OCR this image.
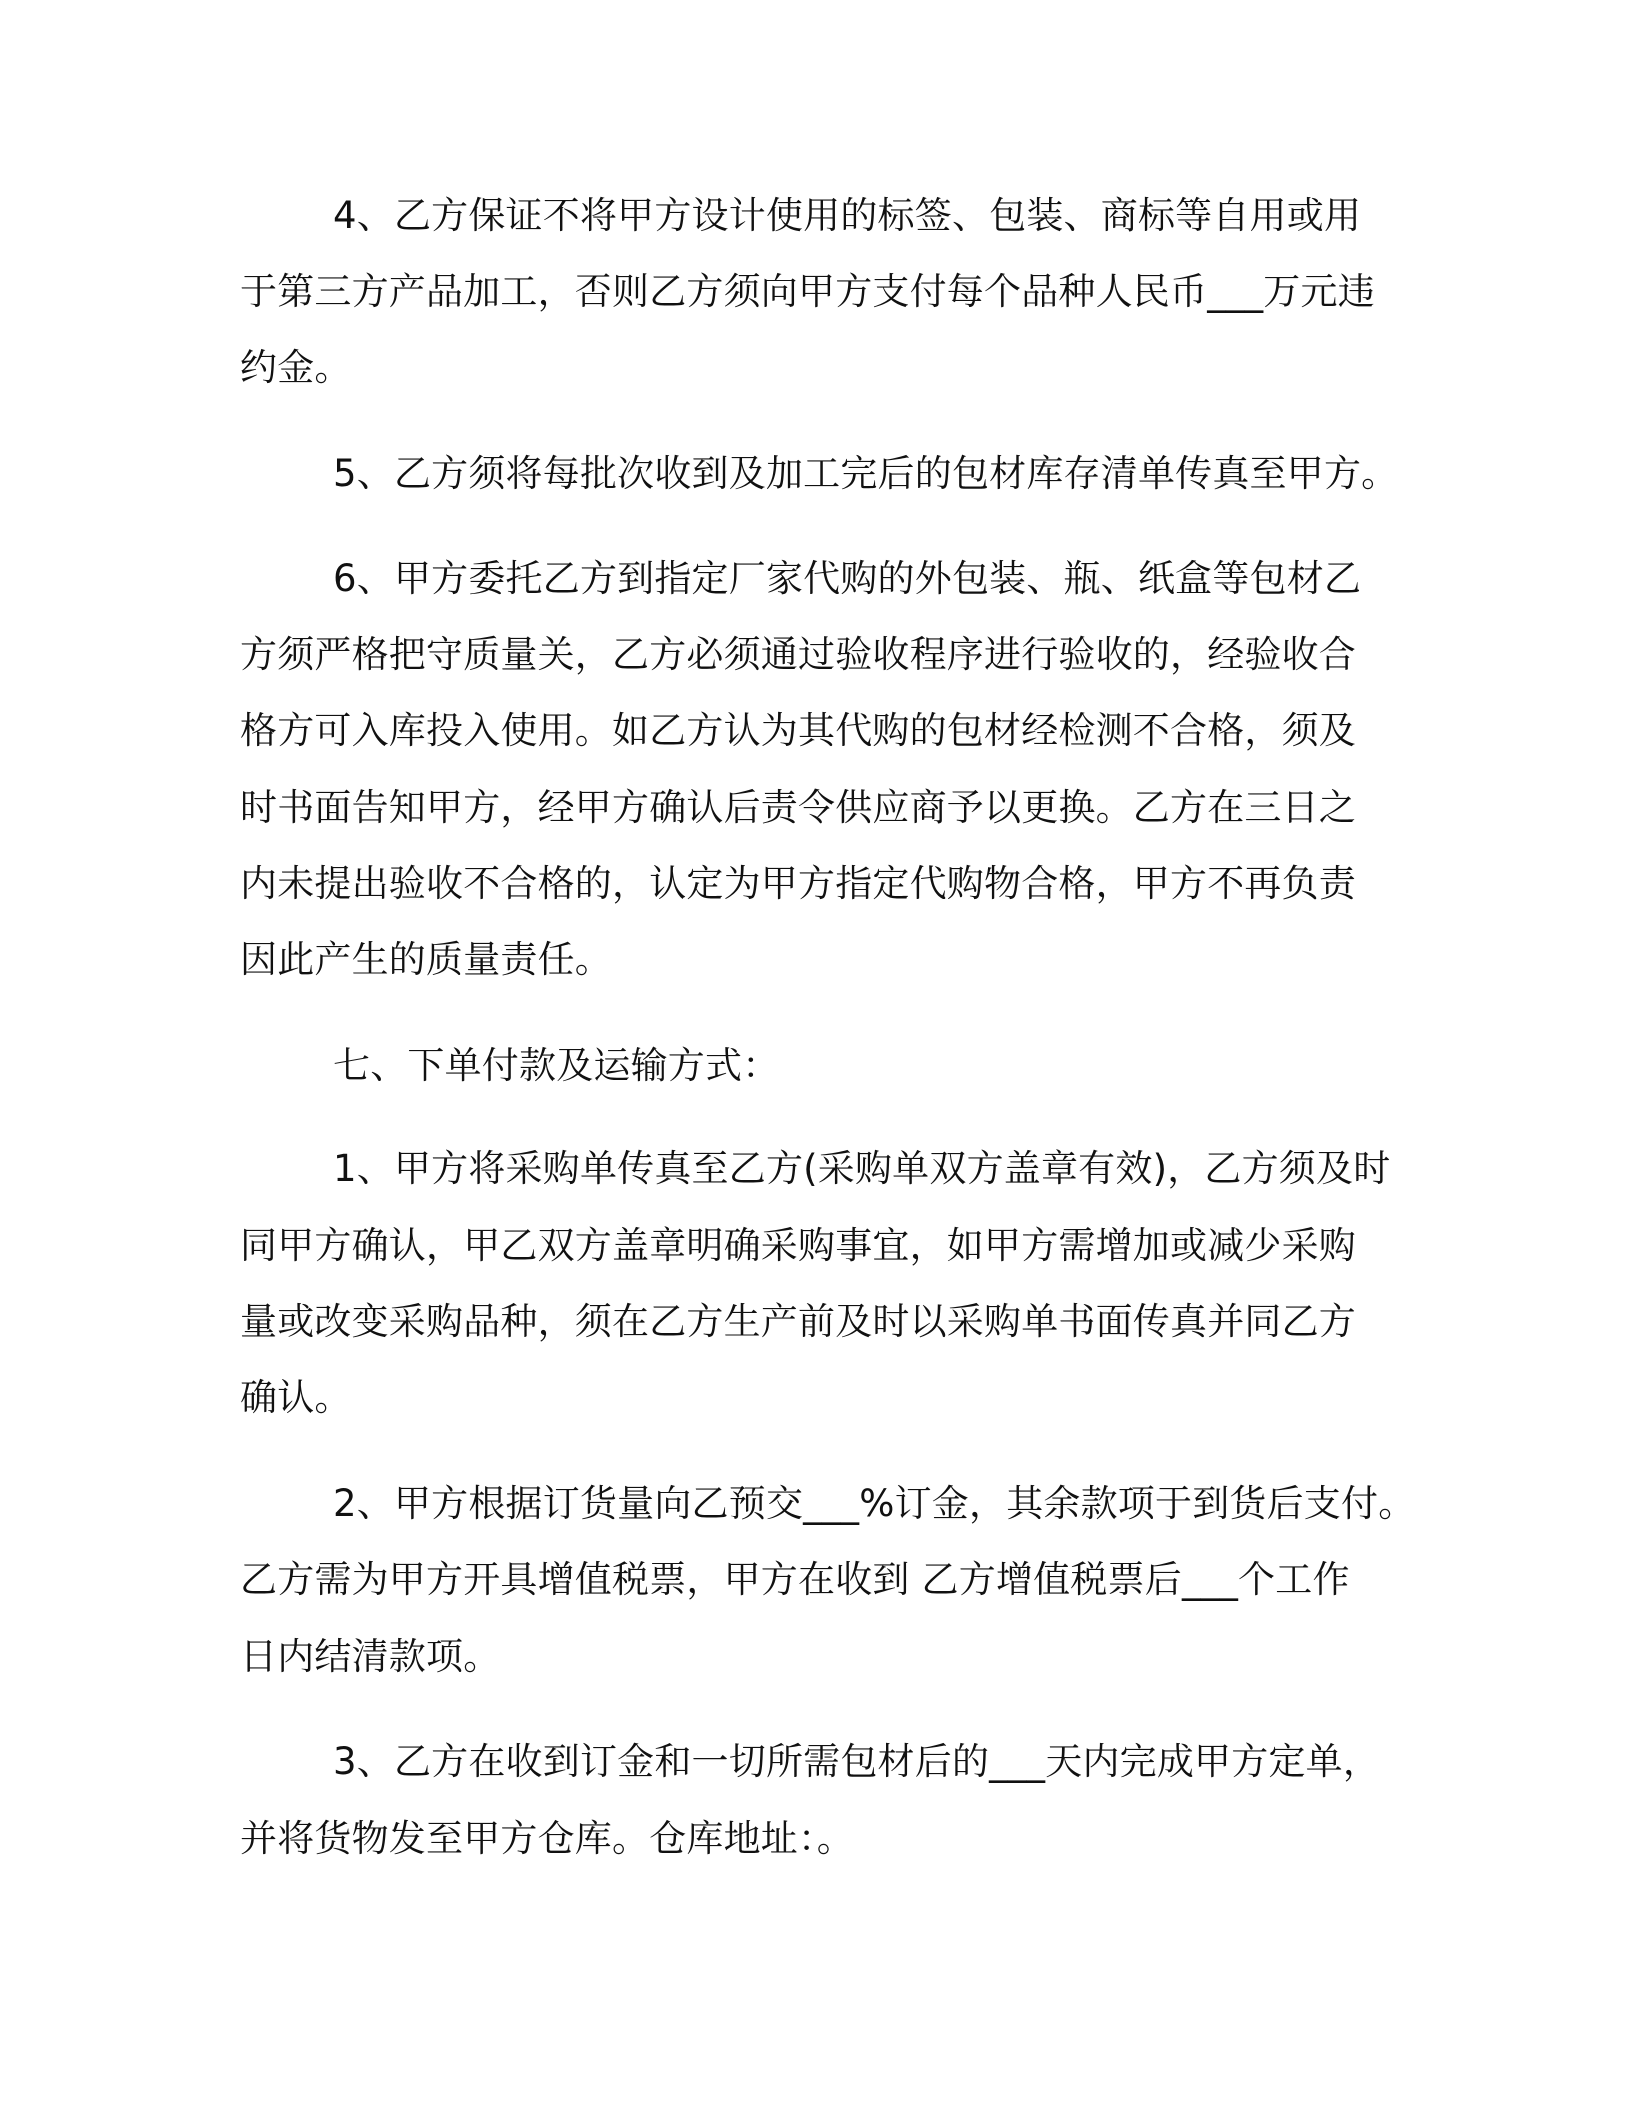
4、乙方保证不将甲方设计使用的标签、包装、商标等自用或用
于第三方产品加工，否则乙方须向甲方支付每个品种人民币___万元违
约金。
5、乙方须将每批次收到及加工完后的包材库存清单传真至甲方。
6、甲方委托乙方到指定厂家代购的外包装、瓶、纸盒等包材乙
方须严格把守质量关，乙方必须通过验收程序进行验收的，经验收合
格方可入库投入使用。如乙方认为其代购的包材经检测不合格，须及
时书面告知甲方，经甲方确认后责令供应商予以更换。乙方在三日之
内未提出验收不合格的，认定为甲方指定代购物合格，甲方不再负责
因此产生的质量责任。
七、下单付款及运输方式：
1、甲方将采购单传真至乙方(采购单双方盖章有效)，乙方须及时
同甲方确认，甲乙双方盖章明确采购事宜，如甲方需增加或减少采购
量或改变采购品种，须在乙方生产前及时以采购单书面传真并同乙方
确认。
2、甲方根据订货量向乙预交___%订金，其余款项于到货后支付。
乙方需为甲方开具增值税票，甲方在收到 乙方增值税票后___个工作
日内结清款项。
3、乙方在收到订金和一切所需包材后的___天内完成甲方定单，
并将货物发至甲方仓库。仓库地址：。
